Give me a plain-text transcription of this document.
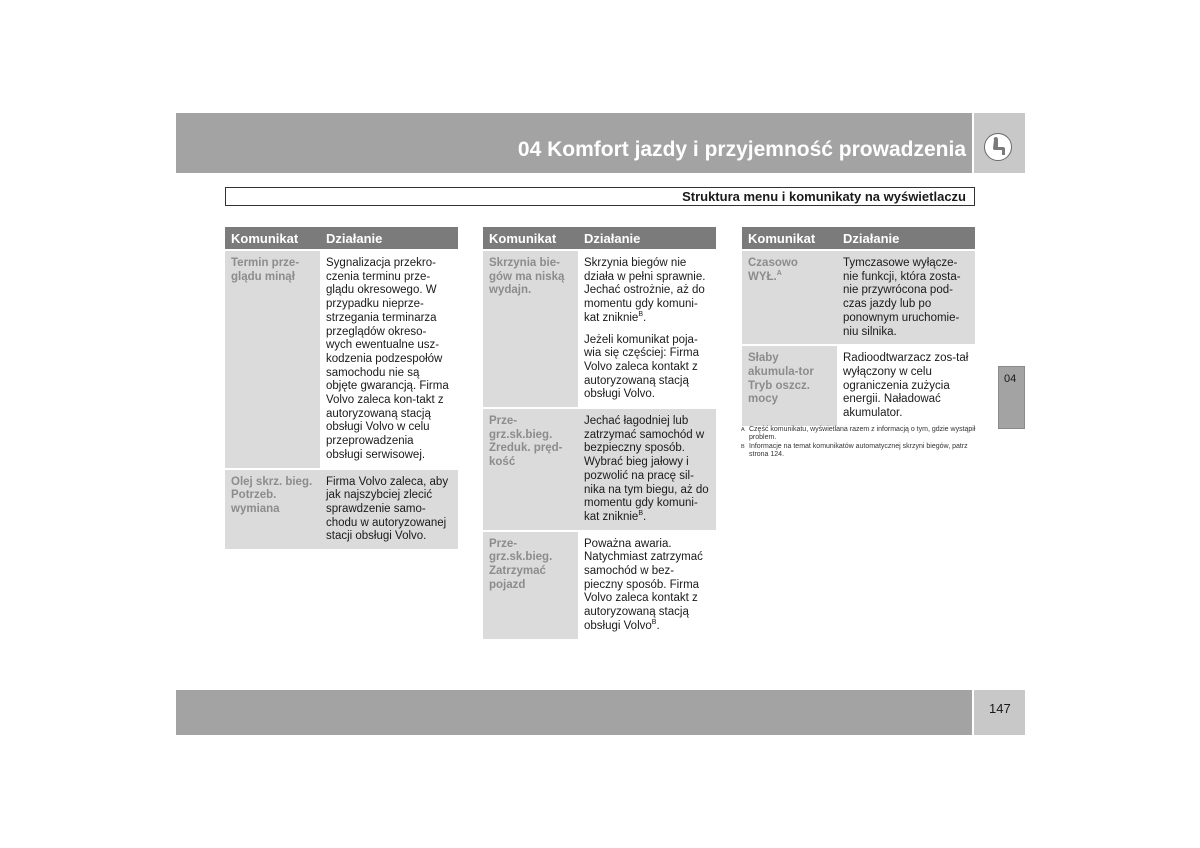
04 Komfort jazdy i przyjemność prowadzenia
Struktura menu i komunikaty na wyświetlaczu
Komunikat	Działanie
Termin prze-glądu minął	Sygnalizacja przekro-czenia terminu prze-glądu okresowego. W przypadku nieprze-strzegania terminarza przeglądów okreso-wych ewentualne usz-kodzenia podzespołów samochodu nie są objęte gwarancją. Firma Volvo zaleca kon-takt z autoryzowaną stacją obsługi Volvo w celu przeprowadzenia obsługi serwisowej.
Olej skrz. bieg. Potrzeb. wymiana	Firma Volvo zaleca, aby jak najszybciej zlecić sprawdzenie samo-chodu w autoryzowanej stacji obsługi Volvo.
Komunikat	Działanie
Skrzynia bie-gów ma niską wydajn.	Skrzynia biegów nie działa w pełni sprawnie. Jechać ostrożnie, aż do momentu gdy komuni-kat zniknie$^B$.
Jeżeli komunikat poja-wia się częściej: Firma Volvo zaleca kontakt z autoryzowaną stacją obsługi Volvo.

Prze-grz.sk.bieg. Zreduk. pręd-kość	Jechać łagodniej lub zatrzymać samochód w bezpieczny sposób. Wybrać bieg jałowy i pozwolić na pracę sil-nika na tym biegu, aż do momentu gdy komuni-kat zniknie$^B$.

Prze-grz.sk.bieg. Zatrzymać pojazd	Poważna awaria. Natychmiast zatrzymać samochód w bez-pieczny sposób. Firma Volvo zaleca kontakt z autoryzowaną stacją obsługi Volvo$^B$.
Komunikat	Działanie
Czasowo WYŁ.$^A$	Tymczasowe wyłącze-nie funkcji, która zosta-nie przywrócona pod-czas jazdy lub po ponownym uruchomie-niu silnika.
Słaby akumula-tor Tryb oszcz. mocy	Radioodtwarzacz zos-tał wyłączony w celu ograniczenia zużycia energii. Naładować akumulator.
A Część komunikatu, wyświetlana razem z informacją o tym, gdzie wystąpił problem.
B Informacje na temat komunikatów automatycznej skrzyni biegów, patrz strona 124.
04
147
